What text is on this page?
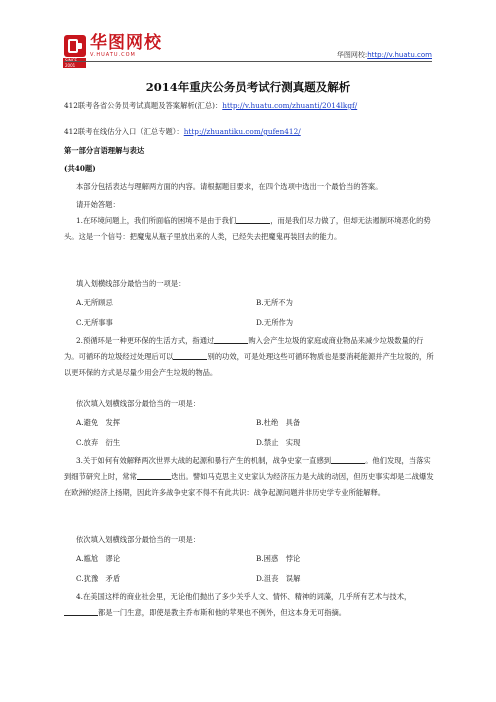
SINCE 2001
华图网校
V.HUATU.COM	华图网校:http://v.huatu.com
2014年重庆公务员考试行测真题及解析
412联考各省公务员考试真题及答案解析(汇总)：http://v.huatu.com/zhuanti/2014lkgf/
412联考在线估分入口（汇总专题）：http://zhuantiku.com/gufen412/
第一部分言语理解与表达
(共40题)
本部分包括表达与理解两方面的内容。请根据题目要求，在四个选项中选出一个最恰当的答案。
请开始答题：
1.在环境问题上，我们所面临的困境不是由于我们	，而是我们尽力做了，但却无法遏制环境恶化的势头。这是一个信号：把魔鬼从瓶子里放出来的人类，已经失去把魔鬼再装回去的能力。
填入划横线部分最恰当的一项是：
A.无所顾忌	B.无所不为
C.无所事事	D.无所作为
2.预循环是一种更环保的生活方式，指通过	购入会产生垃圾的家庭或商业物品来减少垃圾数量的行为。可循环的垃圾经过处理后可以	别的功效，可是处理这些可循环物质也是要消耗能源并产生垃圾的，所以更环保的方式是尽量少用会产生垃圾的物品。
依次填入划横线部分最恰当的一项是：
A.避免　发挥	B.杜绝　具备
C.放弃　衍生	D.禁止　实现
3.关于如何有效解释两次世界大战的起源和暴行产生的机制，战争史家一直感到	。他们发现，当落实到细节研究上时，常常	迭出。譬如马克思主义史家认为经济压力是大战的动因，但历史事实却是二战爆发在欧洲的经济上扬期，因此许多战争史家不得不有此共识：战争起源问题并非历史学专业所能解释。
依次填入划横线部分最恰当的一项是：
A.尴尬　谬论	B.困惑　悖论
C.犹豫　矛盾	D.沮丧　误解
4.在美国这样的商业社会里，无论他们抛出了多少关乎人文、情怀、精神的词藻，几乎所有艺术与技术，都是一门生意，即使是教主乔布斯和他的苹果也不例外，但这本身无可指摘。
